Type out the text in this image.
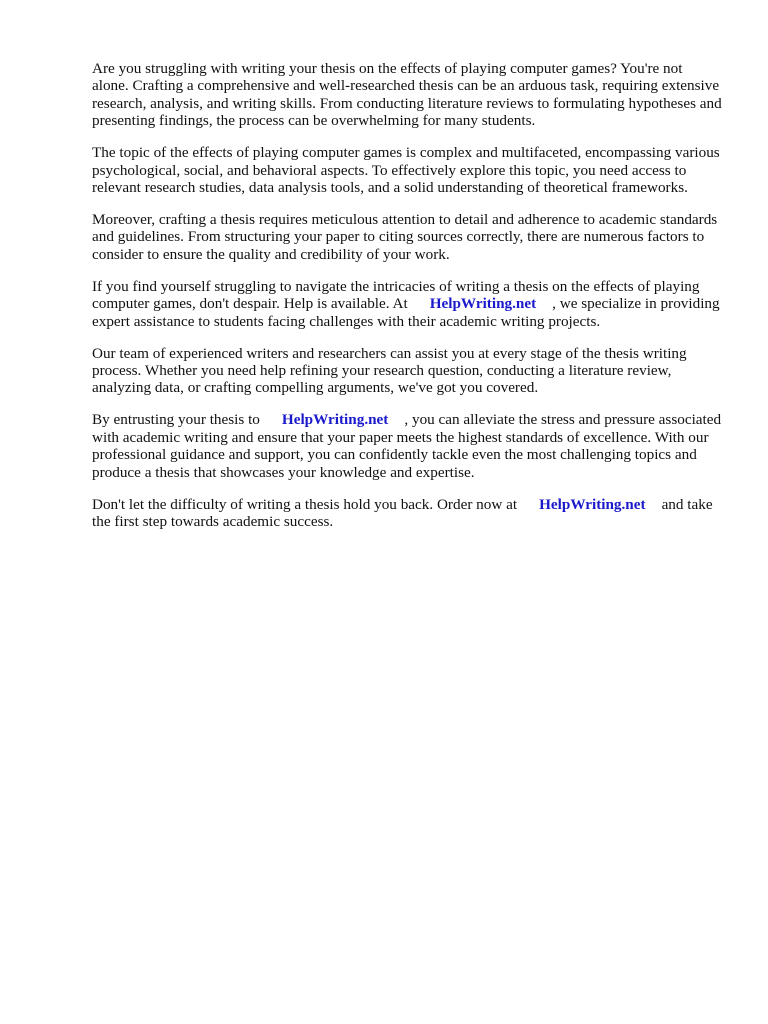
Are you struggling with writing your thesis on the effects of playing computer games? You're not alone. Crafting a comprehensive and well-researched thesis can be an arduous task, requiring extensive research, analysis, and writing skills. From conducting literature reviews to formulating hypotheses and presenting findings, the process can be overwhelming for many students.

The topic of the effects of playing computer games is complex and multifaceted, encompassing various psychological, social, and behavioral aspects. To effectively explore this topic, you need access to relevant research studies, data analysis tools, and a solid understanding of theoretical frameworks.

Moreover, crafting a thesis requires meticulous attention to detail and adherence to academic standards and guidelines. From structuring your paper to citing sources correctly, there are numerous factors to consider to ensure the quality and credibility of your work.

If you find yourself struggling to navigate the intricacies of writing a thesis on the effects of playing computer games, don't despair. Help is available. At HelpWriting.net , we specialize in providing expert assistance to students facing challenges with their academic writing projects.

Our team of experienced writers and researchers can assist you at every stage of the thesis writing process. Whether you need help refining your research question, conducting a literature review, analyzing data, or crafting compelling arguments, we've got you covered.

By entrusting your thesis to HelpWriting.net , you can alleviate the stress and pressure associated with academic writing and ensure that your paper meets the highest standards of excellence. With our professional guidance and support, you can confidently tackle even the most challenging topics and produce a thesis that showcases your knowledge and expertise.

Don't let the difficulty of writing a thesis hold you back. Order now at HelpWriting.net and take the first step towards academic success.
